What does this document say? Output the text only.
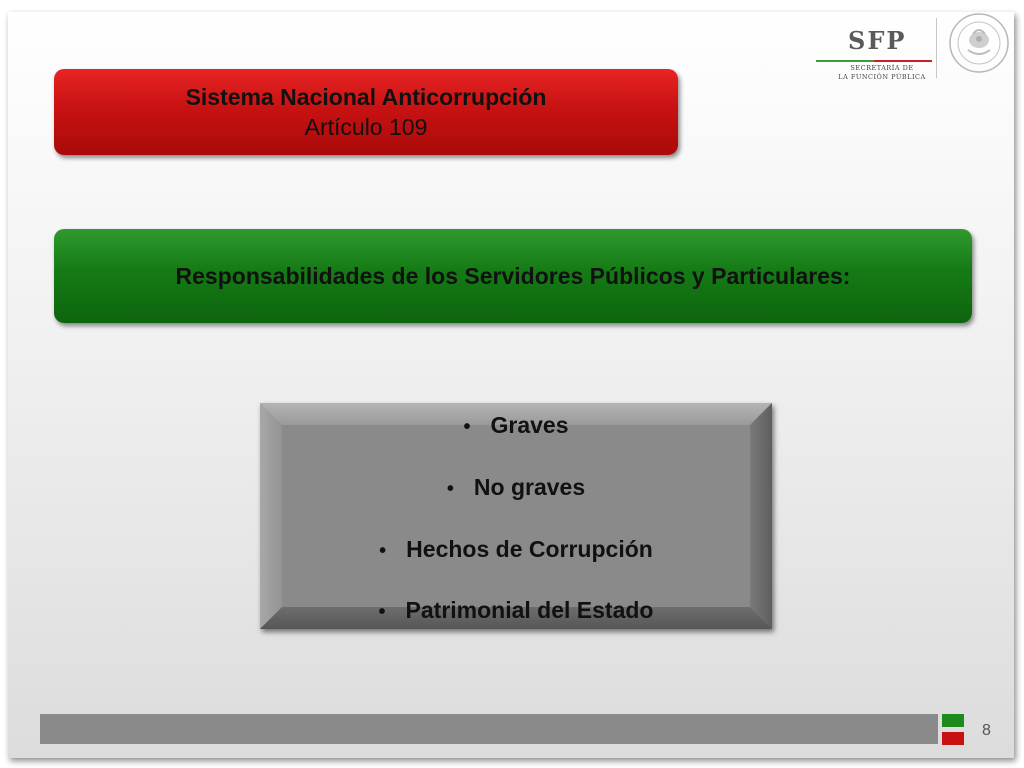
SFP
SECRETARÍA DE
LA FUNCIÓN PÚBLICA
Sistema Nacional Anticorrupción
Artículo 109
Responsabilidades de los Servidores Públicos y Particulares:
• Graves
• No graves
• Hechos de Corrupción
• Patrimonial del Estado
8
